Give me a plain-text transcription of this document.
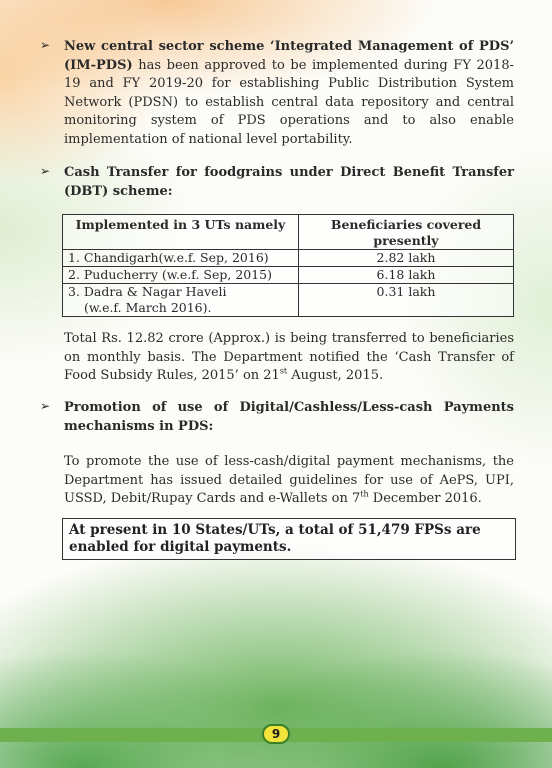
➢ New central sector scheme ‘Integrated Management of PDS’ (IM-PDS) has been approved to be implemented during FY 2018-19 and FY 2019-20 for establishing Public Distribution System Network (PDSN) to establish central data repository and central monitoring system of PDS operations and to also enable implementation of national level portability.
➢ Cash Transfer for foodgrains under Direct Benefit Transfer (DBT) scheme:
Implemented in 3 UTs namely	Beneficiaries covered presently
1. Chandigarh(w.e.f. Sep, 2016)	2.82 lakh
2. Puducherry (w.e.f. Sep, 2015)	6.18 lakh

3. Dadra & Nagar Haveli
(w.e.f. March 2016).	0.31 lakh
Total Rs. 12.82 crore (Approx.) is being transferred to beneficiaries on monthly basis. The Department notified the ‘Cash Transfer of Food Subsidy Rules, 2015’ on 21st August, 2015.
➢ Promotion of use of Digital/Cashless/Less-cash Payments mechanisms in PDS:
To promote the use of less-cash/digital payment mechanisms, the Department has issued detailed guidelines for use of AePS, UPI, USSD, Debit/Rupay Cards and e-Wallets on 7th December 2016.
At present in 10 States/UTs, a total of 51,479 FPSs are enabled for digital payments.
9
